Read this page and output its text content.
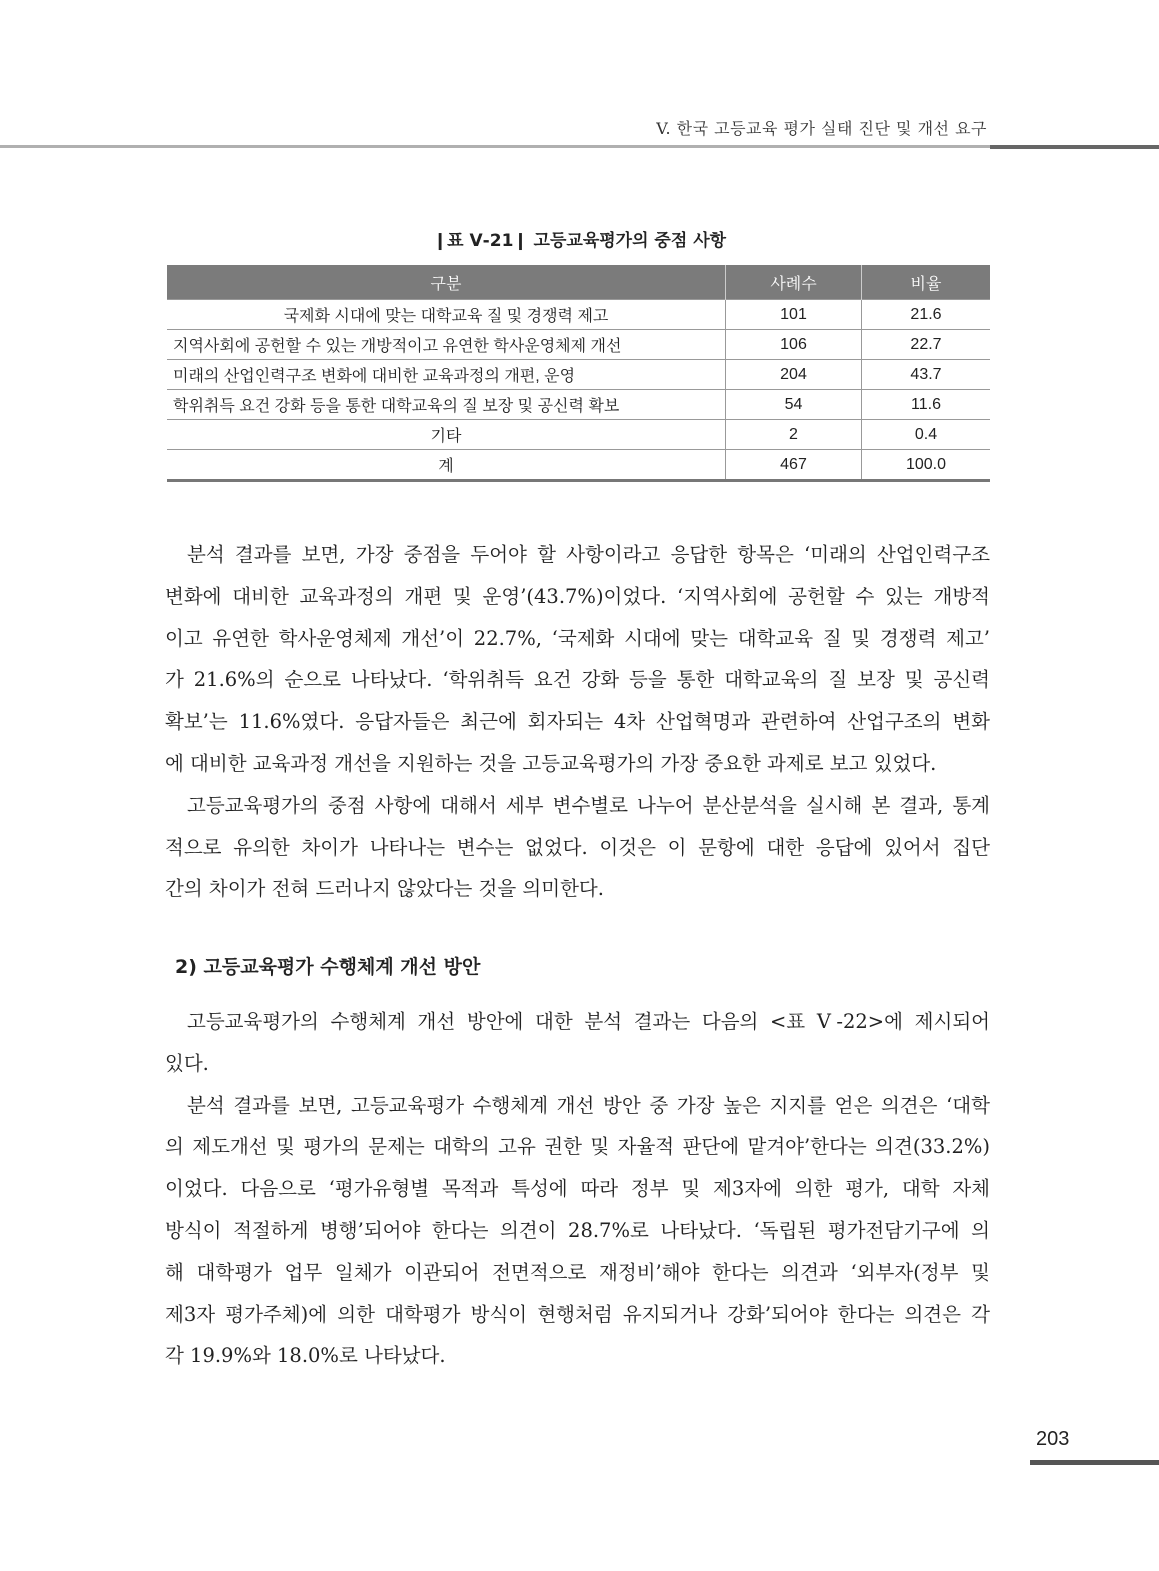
V. 한국 고등교육 평가 실태 진단 및 개선 요구
❙표 Ⅴ-21❙ 고등교육평가의 중점 사항
구분	사례수	비율
국제화 시대에 맞는 대학교육 질 및 경쟁력 제고	101	21.6
지역사회에 공헌할 수 있는 개방적이고 유연한 학사운영체제 개선	106	22.7
미래의 산업인력구조 변화에 대비한 교육과정의 개편, 운영	204	43.7
학위취득 요건 강화 등을 통한 대학교육의 질 보장 및 공신력 확보	54	11.6
기타	2	0.4
계	467	100.0
분석 결과를 보면, 가장 중점을 두어야 할 사항이라고 응답한 항목은 ‘미래의 산업인력구조
변화에 대비한 교육과정의 개편 및 운영’(43.7%)이었다. ‘지역사회에 공헌할 수 있는 개방적
이고 유연한 학사운영체제 개선’이 22.7%, ‘국제화 시대에 맞는 대학교육 질 및 경쟁력 제고’
가 21.6%의 순으로 나타났다. ‘학위취득 요건 강화 등을 통한 대학교육의 질 보장 및 공신력
확보’는 11.6%였다. 응답자들은 최근에 회자되는 4차 산업혁명과 관련하여 산업구조의 변화
에 대비한 교육과정 개선을 지원하는 것을 고등교육평가의 가장 중요한 과제로 보고 있었다.
고등교육평가의 중점 사항에 대해서 세부 변수별로 나누어 분산분석을 실시해 본 결과, 통계
적으로 유의한 차이가 나타나는 변수는 없었다. 이것은 이 문항에 대한 응답에 있어서 집단
간의 차이가 전혀 드러나지 않았다는 것을 의미한다.
2) 고등교육평가 수행체계 개선 방안
고등교육평가의 수행체계 개선 방안에 대한 분석 결과는 다음의 <표 Ⅴ-22>에 제시되어
있다.
분석 결과를 보면, 고등교육평가 수행체계 개선 방안 중 가장 높은 지지를 얻은 의견은 ‘대학
의 제도개선 및 평가의 문제는 대학의 고유 권한 및 자율적 판단에 맡겨야’한다는 의견(33.2%)
이었다. 다음으로 ‘평가유형별 목적과 특성에 따라 정부 및 제3자에 의한 평가, 대학 자체
방식이 적절하게 병행’되어야 한다는 의견이 28.7%로 나타났다. ‘독립된 평가전담기구에 의
해 대학평가 업무 일체가 이관되어 전면적으로 재정비’해야 한다는 의견과 ‘외부자(정부 및
제3자 평가주체)에 의한 대학평가 방식이 현행처럼 유지되거나 강화’되어야 한다는 의견은 각
각 19.9%와 18.0%로 나타났다.
203
